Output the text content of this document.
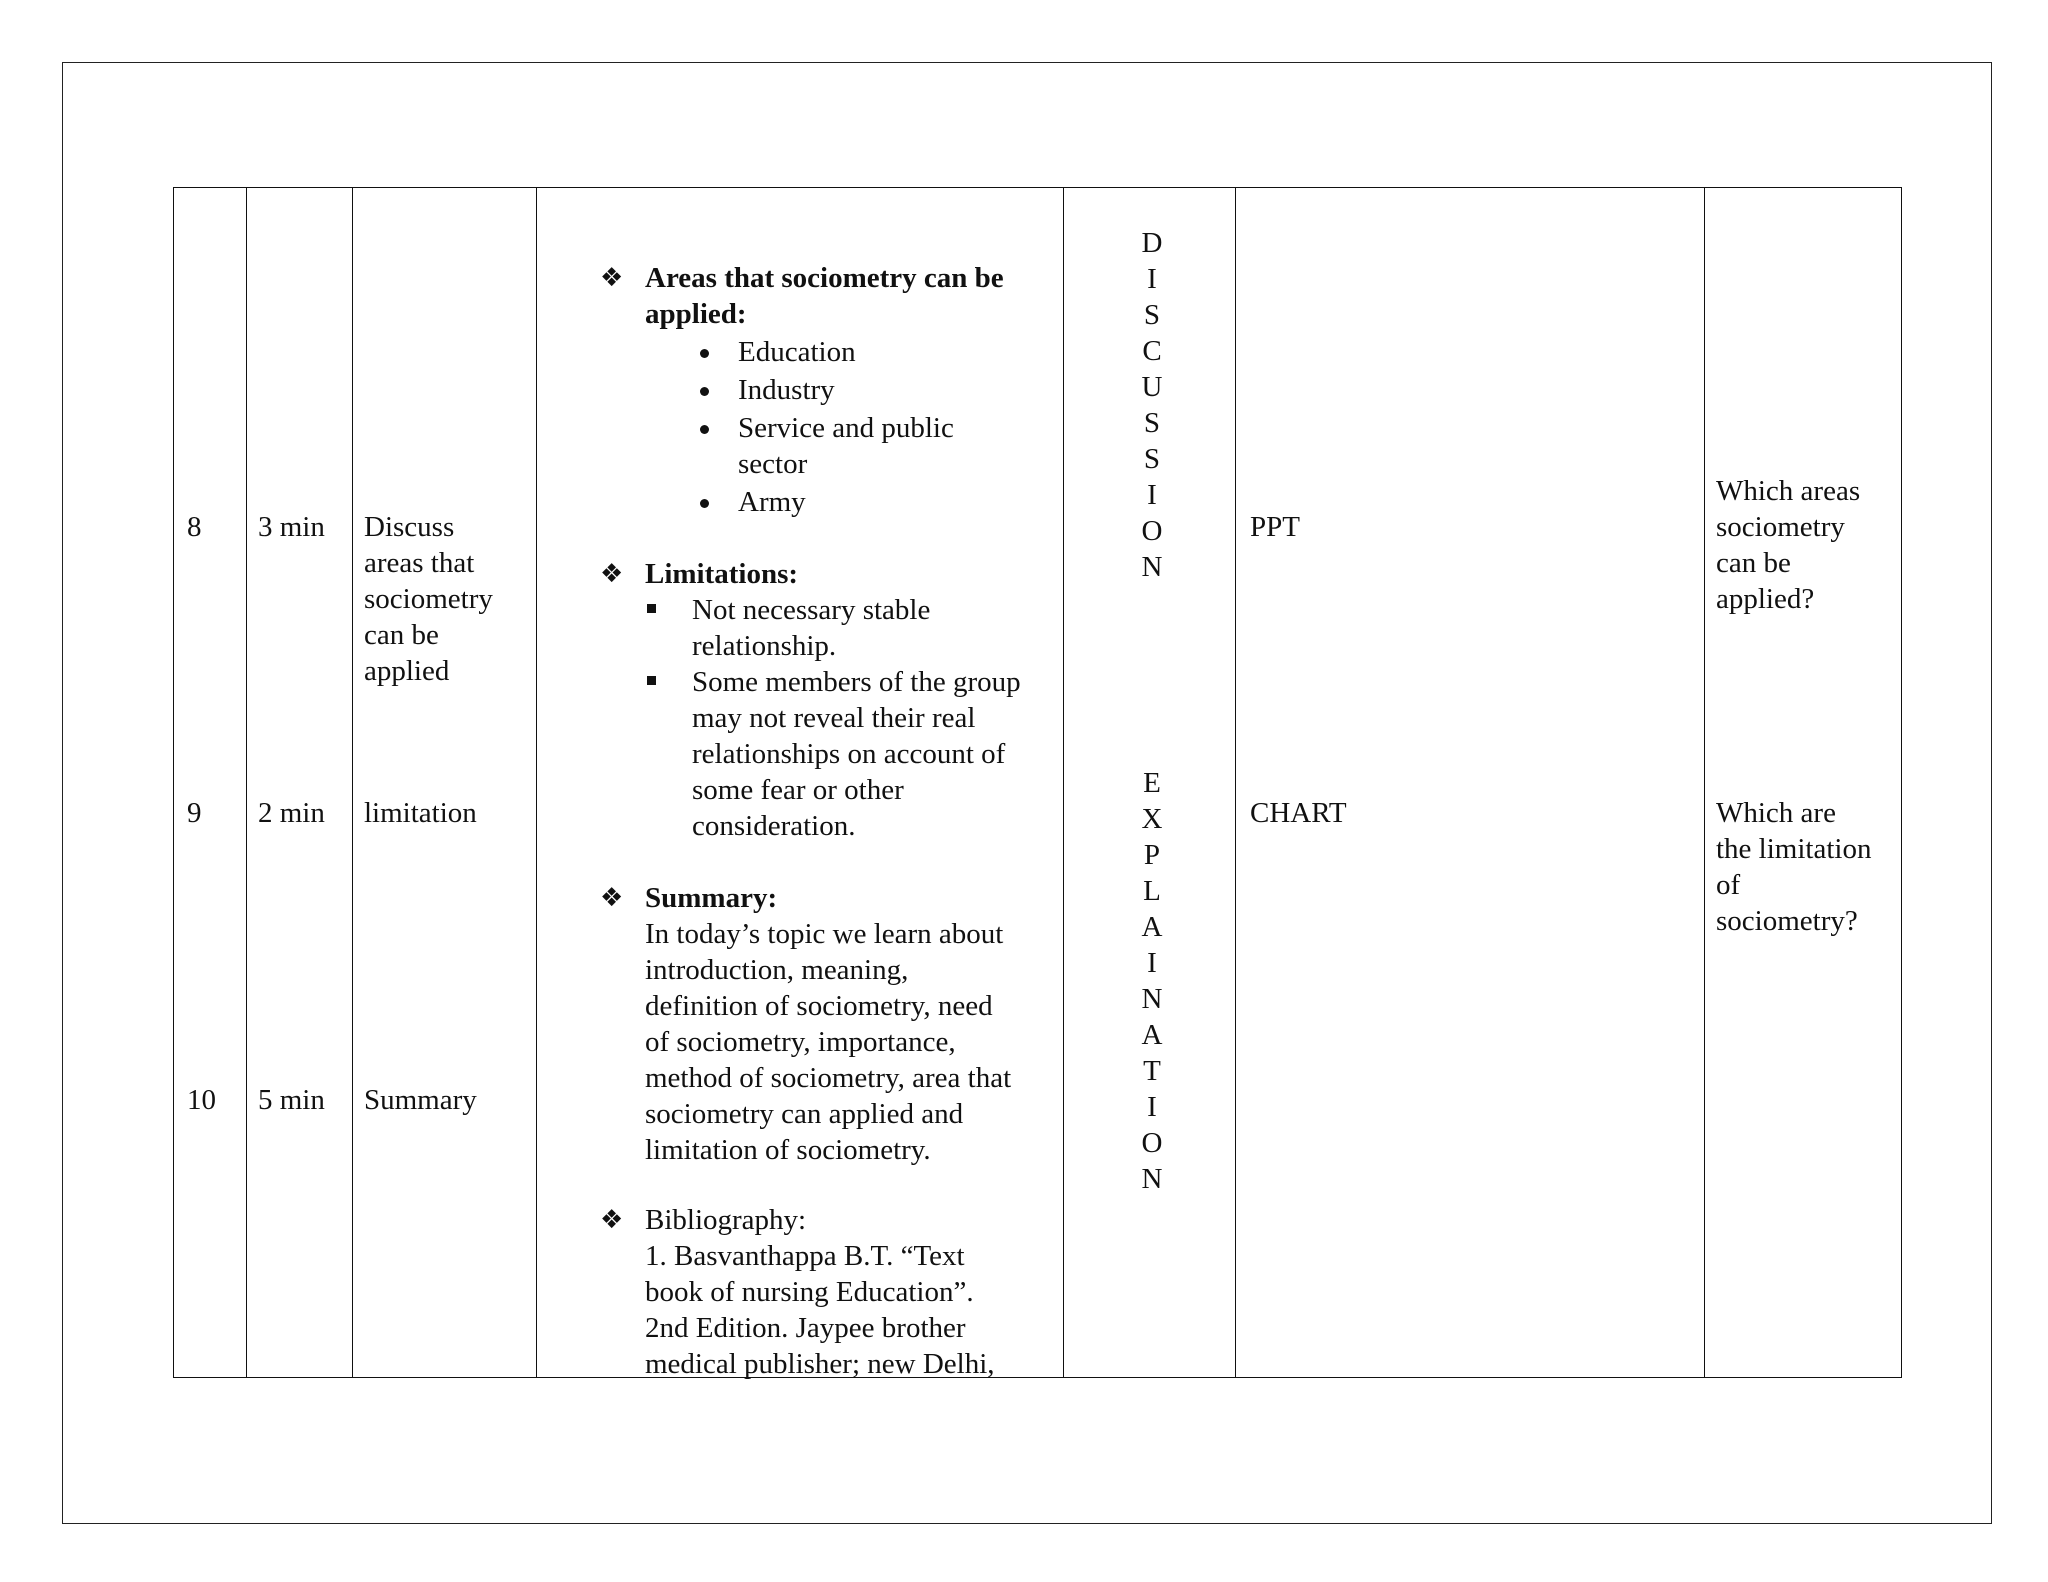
8 3 min Discuss
areas that
sociometry
can be
applied
PPT
Which areas
sociometry
can be
applied?
9 2 min limitation	CHART	Which are
the limitation
of
sociometry?
10 5 min Summary
❖ Areas that sociometry can be
applied:
Education
Industry
Service and public
sector
Army
❖ Limitations:
Not necessary stable
relationship.
Some members of the group
may not reveal their real
relationships on account of
some fear or other
consideration.
❖ Summary:
In today’s topic we learn about
introduction, meaning,
definition of sociometry, need
of sociometry, importance,
method of sociometry, area that
sociometry can applied and
limitation of sociometry.
❖ Bibliography:
1. Basvanthappa B.T. “Text
book of nursing Education”.
2nd Edition. Jaypee brother
medical publisher; new Delhi,
D
I
S
C
U
S
S
I
O
N
E
X
P
L
A
I
N
A
T
I
O
N
